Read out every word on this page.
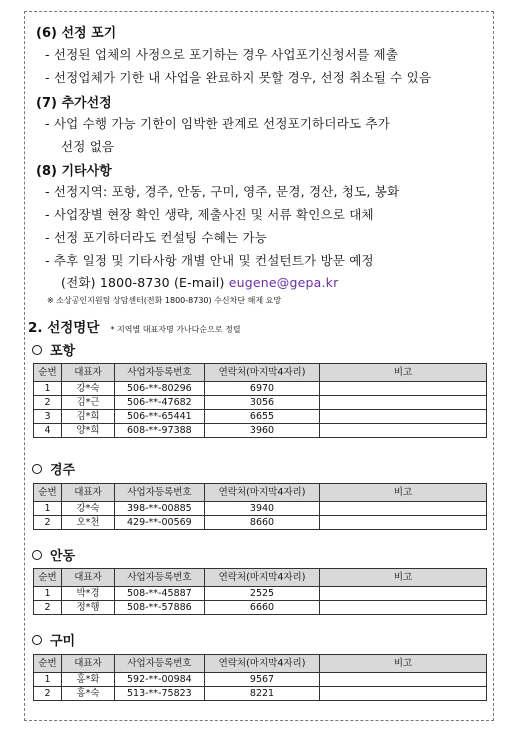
(6) 선정 포기
- 선정된 업체의 사정으로 포기하는 경우 사업포기신청서를 제출
- 선정업체가 기한 내 사업을 완료하지 못할 경우, 선정 취소될 수 있음
(7) 추가선정
- 사업 수행 가능 기한이 임박한 관계로 선정포기하더라도 추가
선정 없음
(8) 기타사항
- 선정지역: 포항, 경주, 안동, 구미, 영주, 문경, 경산, 청도, 봉화
- 사업장별 현장 확인 생략, 제출사진 및 서류 확인으로 대체
- 선정 포기하더라도 컨설팅 수혜는 가능
- 추후 일정 및 기타사항 개별 안내 및 컨설턴트가 방문 예정
(전화) 1800-8730 (E-mail) eugene@gepa.kr
※ 소상공인지원팀 상담센터(전화 1800-8730) 수신차단 해제 요망
2. 선정명단 * 지역별 대표자명 가나다순으로 정렬
포항
순번	대표자	사업자등록번호	연락처(마지막4자리)	비고
1	강*숙	506-**-80296	6970	
2	김*근	506-**-47682	3056	
3	김*희	506-**-65441	6655	
4	양*희	608-**-97388	3960	
경주
순번	대표자	사업자등록번호	연락처(마지막4자리)	비고
1	강*숙	398-**-00885	3940	
2	오*천	429-**-00569	8660	
안동
순번	대표자	사업자등록번호	연락처(마지막4자리)	비고
1	박*경	508-**-45887	2525	
2	정*행	508-**-57886	6660	
구미
순번	대표자	사업자등록번호	연락처(마지막4자리)	비고
1	홍*화	592-**-00984	9567	
2	홍*숙	513-**-75823	8221	
